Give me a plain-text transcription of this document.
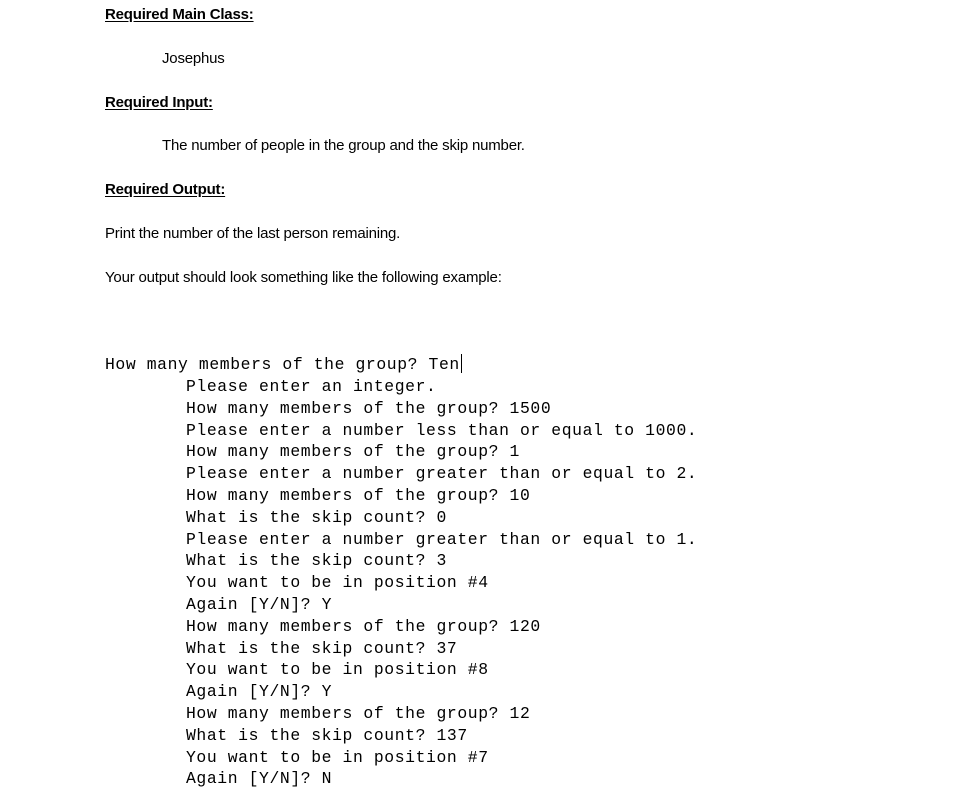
Required Main Class:
Josephus
Required Input:
The number of people in the group and the skip number.
Required Output:
Print the number of the last person remaining.
Your output should look something like the following example:
How many members of the group? Ten
Please enter an integer.
How many members of the group? 1500
Please enter a number less than or equal to 1000.
How many members of the group? 1
Please enter a number greater than or equal to 2.
How many members of the group? 10
What is the skip count? 0
Please enter a number greater than or equal to 1.
What is the skip count? 3
You want to be in position #4
Again [Y/N]? Y
How many members of the group? 120
What is the skip count? 37
You want to be in position #8
Again [Y/N]? Y
How many members of the group? 12
What is the skip count? 137
You want to be in position #7
Again [Y/N]? N
